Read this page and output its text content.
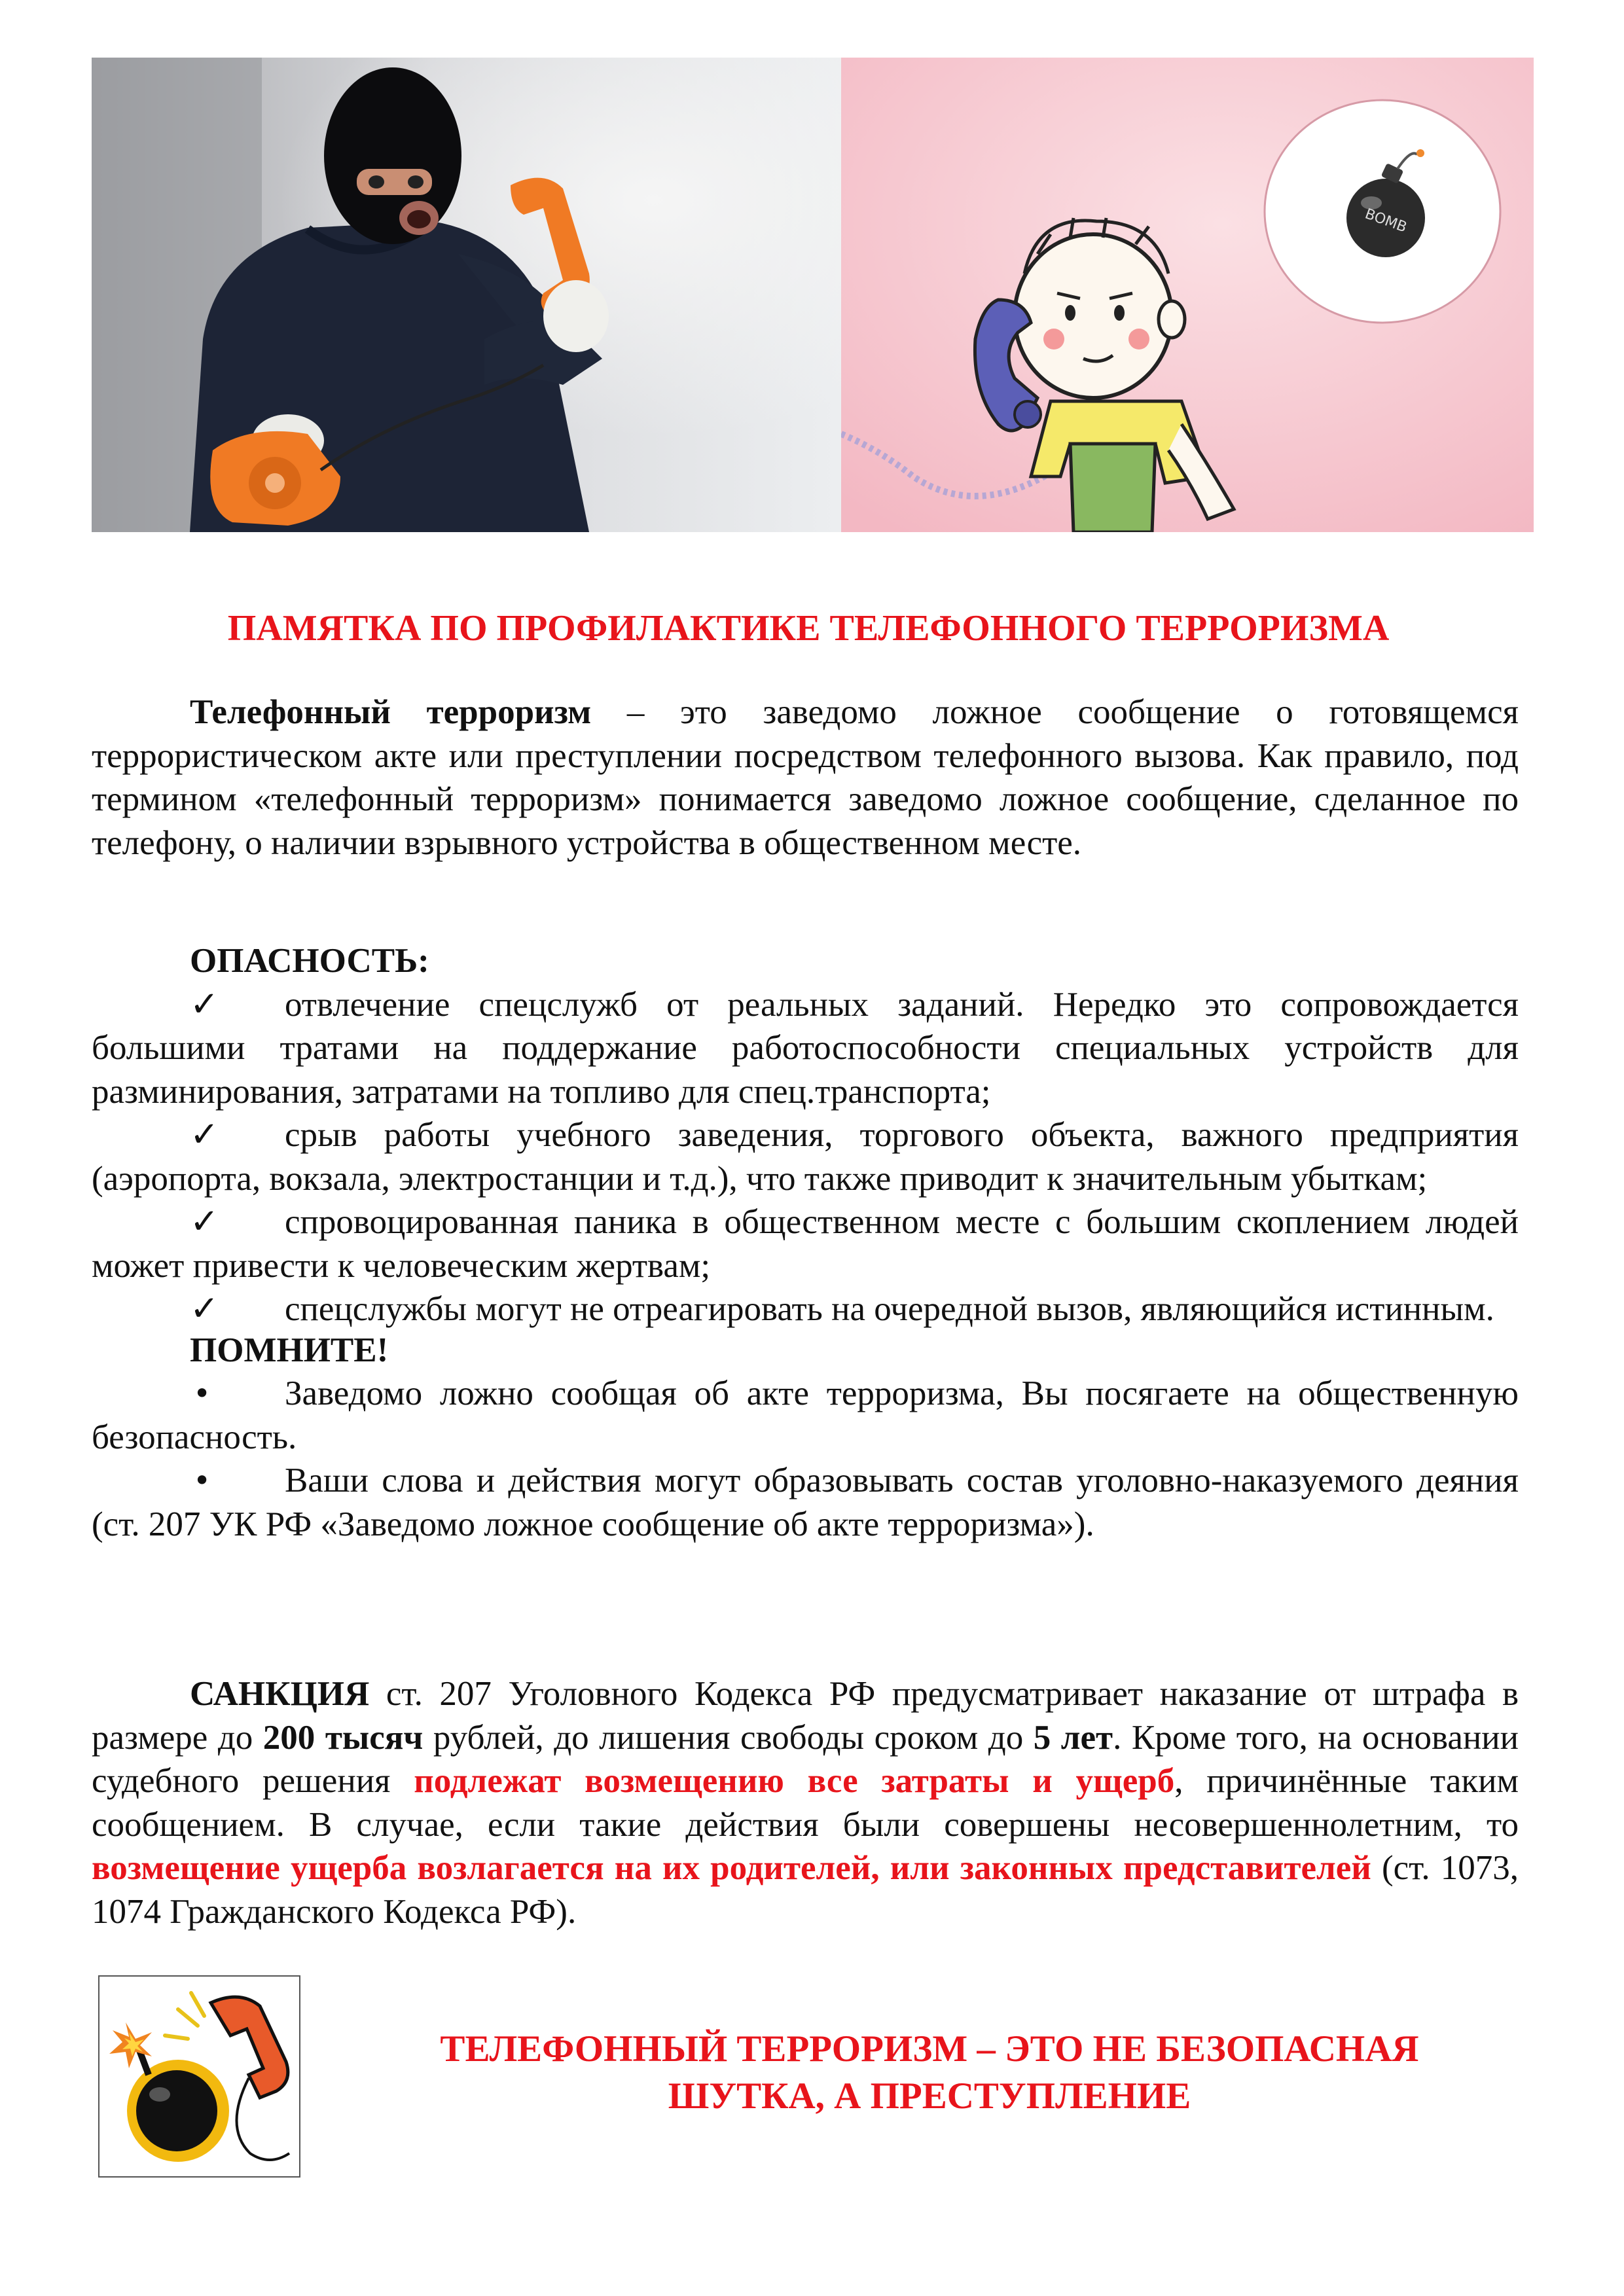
BOMB
ПАМЯТКА ПО ПРОФИЛАКТИКЕ ТЕЛЕФОННОГО ТЕРРОРИЗМА

Телефонный терроризм – это заведомо ложное сообщение о готовящемся террористическом акте или преступлении посредством телефонного вызова. Как правило, под термином «телефонный терроризм» понимается заведомо ложное сообщение, сделанное по телефону, о наличии взрывного устройства в общественном месте.

ОПАСНОСТЬ:

✓ отвлечение спецслужб от реальных заданий. Нередко это сопровождается большими тратами на поддержание работоспособности специальных устройств для разминирования, затратами на топливо для спец.транспорта;
✓ срыв работы учебного заведения, торгового объекта, важного предприятия (аэропорта, вокзала, электростанции и т.д.), что также приводит к значительным убыткам;
✓ спровоцированная паника в общественном месте с большим скоплением людей может привести к человеческим жертвам;
✓ спецслужбы могут не отреагировать на очередной вызов, являющийся истинным.

ПОМНИТЕ!

• Заведомо ложно сообщая об акте терроризма, Вы посягаете на общественную безопасность.
• Ваши слова и действия могут образовывать состав уголовно-наказуемого деяния (ст. 207 УК РФ «Заведомо ложное сообщение об акте терроризма»).

САНКЦИЯ ст. 207 Уголовного Кодекса РФ предусматривает наказание от штрафа в размере до 200 тысяч рублей, до лишения свободы сроком до 5 лет. Кроме того, на основании судебного решения подлежат возмещению все затраты и ущерб, причинённые таким сообщением. В случае, если такие действия были совершены несовершеннолетним, то возмещение ущерба возлагается на их родителей, или законных представителей (ст. 1073, 1074 Гражданского Кодекса РФ).

ТЕЛЕФОННЫЙ ТЕРРОРИЗМ – ЭТО НЕ БЕЗОПАСНАЯ
ШУТКА, А ПРЕСТУПЛЕНИЕ
